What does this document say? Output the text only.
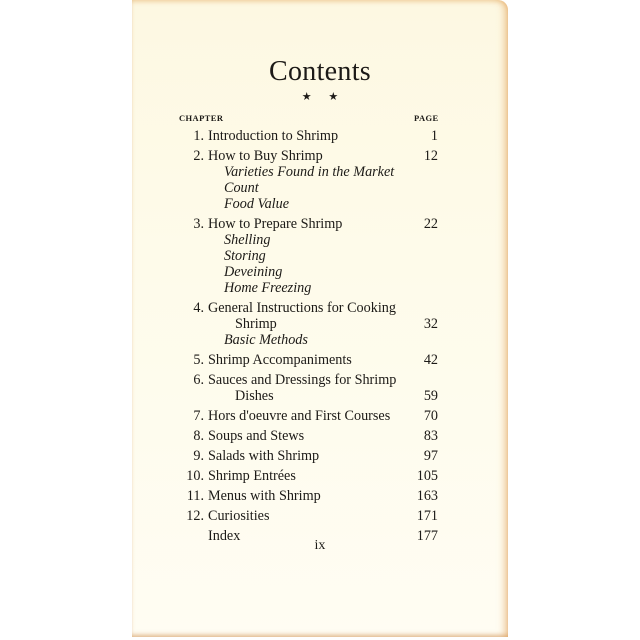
Contents
★ ★
CHAPTER	PAGE
1. Introduction to Shrimp	1
2. How to Buy Shrimp	12
Varieties Found in the Market
Count
Food Value
3. How to Prepare Shrimp	22
Shelling
Storing
Deveining
Home Freezing
4. General Instructions for Cooking
Shrimp	32
Basic Methods
5. Shrimp Accompaniments	42
6. Sauces and Dressings for Shrimp
Dishes	59
7. Hors d'oeuvre and First Courses	70
8. Soups and Stews	83
9. Salads with Shrimp	97
10. Shrimp Entrées	105
11. Menus with Shrimp	163
12. Curiosities	171
Index	177
ix
